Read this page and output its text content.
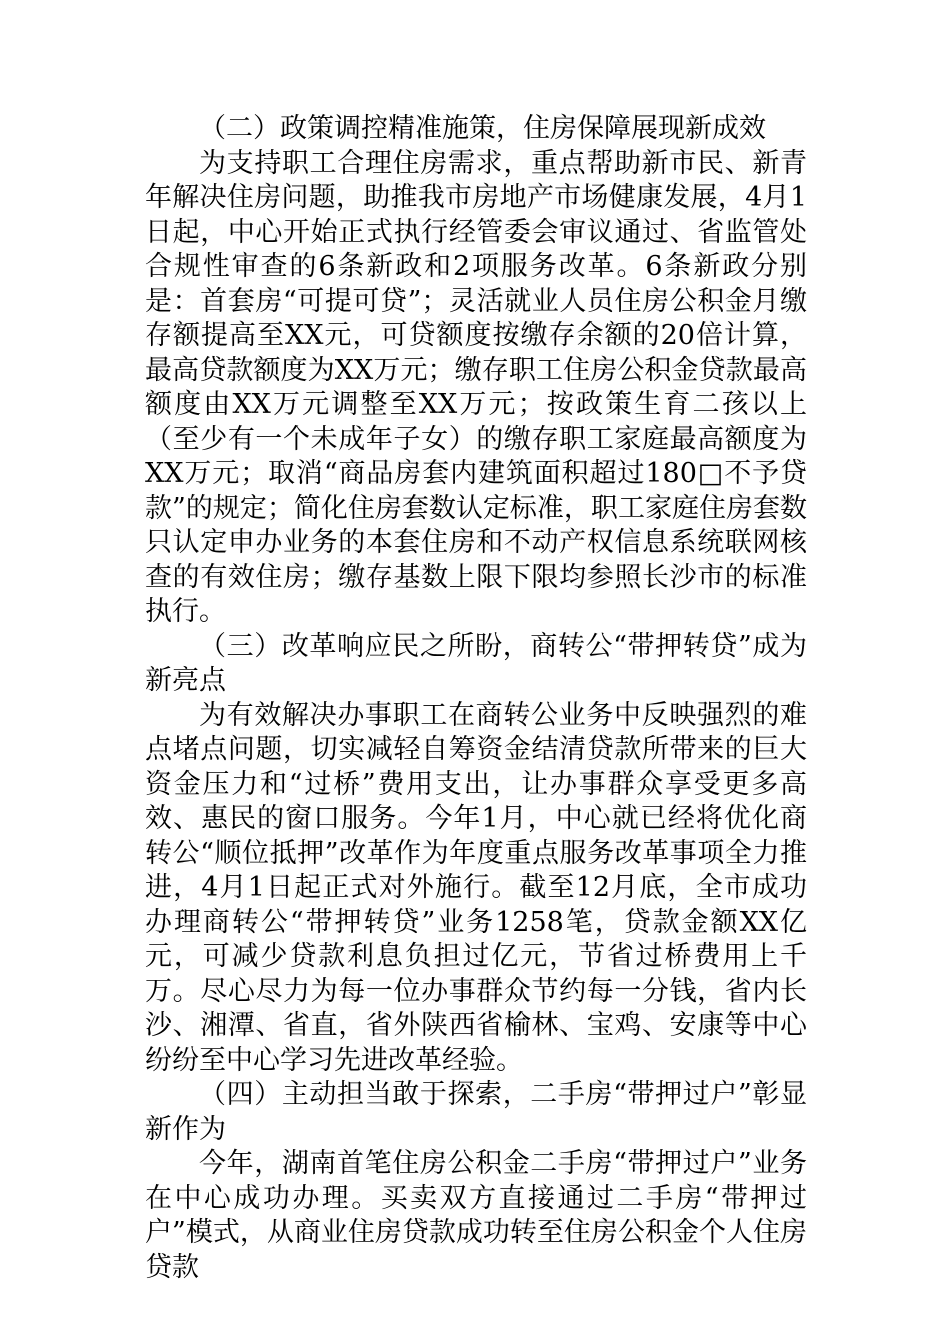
（二）政策调控精准施策，住房保障展现新成效

为支持职工合理住房需求，重点帮助新市民、新青年解决住房问题，助推我市房地产市场健康发展，4月1日起，中心开始正式执行经管委会审议通过、省监管处合规性审查的6条新政和2项服务改革。6条新政分别是：首套房“可提可贷”；灵活就业人员住房公积金月缴存额提高至XX元，可贷额度按缴存余额的20倍计算，最高贷款额度为XX万元；缴存职工住房公积金贷款最高额度由XX万元调整至XX万元；按政策生育二孩以上（至少有一个未成年子女）的缴存职工家庭最高额度为XX万元；取消“商品房套内建筑面积超过180□不予贷款”的规定；简化住房套数认定标准，职工家庭住房套数只认定申办业务的本套住房和不动产权信息系统联网核查的有效住房；缴存基数上限下限均参照长沙市的标准执行。

（三）改革响应民之所盼，商转公“带押转贷”成为新亮点

为有效解决办事职工在商转公业务中反映强烈的难点堵点问题，切实减轻自筹资金结清贷款所带来的巨大资金压力和“过桥”费用支出，让办事群众享受更多高效、惠民的窗口服务。今年1月，中心就已经将优化商转公“顺位抵押”改革作为年度重点服务改革事项全力推进，4月1日起正式对外施行。截至12月底，全市成功办理商转公“带押转贷”业务1258笔，贷款金额XX亿元，可减少贷款利息负担过亿元，节省过桥费用上千万。尽心尽力为每一位办事群众节约每一分钱，省内长沙、湘潭、省直，省外陕西省榆林、宝鸡、安康等中心纷纷至中心学习先进改革经验。

（四）主动担当敢于探索，二手房“带押过户”彰显新作为

今年，湖南首笔住房公积金二手房“带押过户”业务在中心成功办理。买卖双方直接通过二手房“带押过户”模式，从商业住房贷款成功转至住房公积金个人住房贷款
